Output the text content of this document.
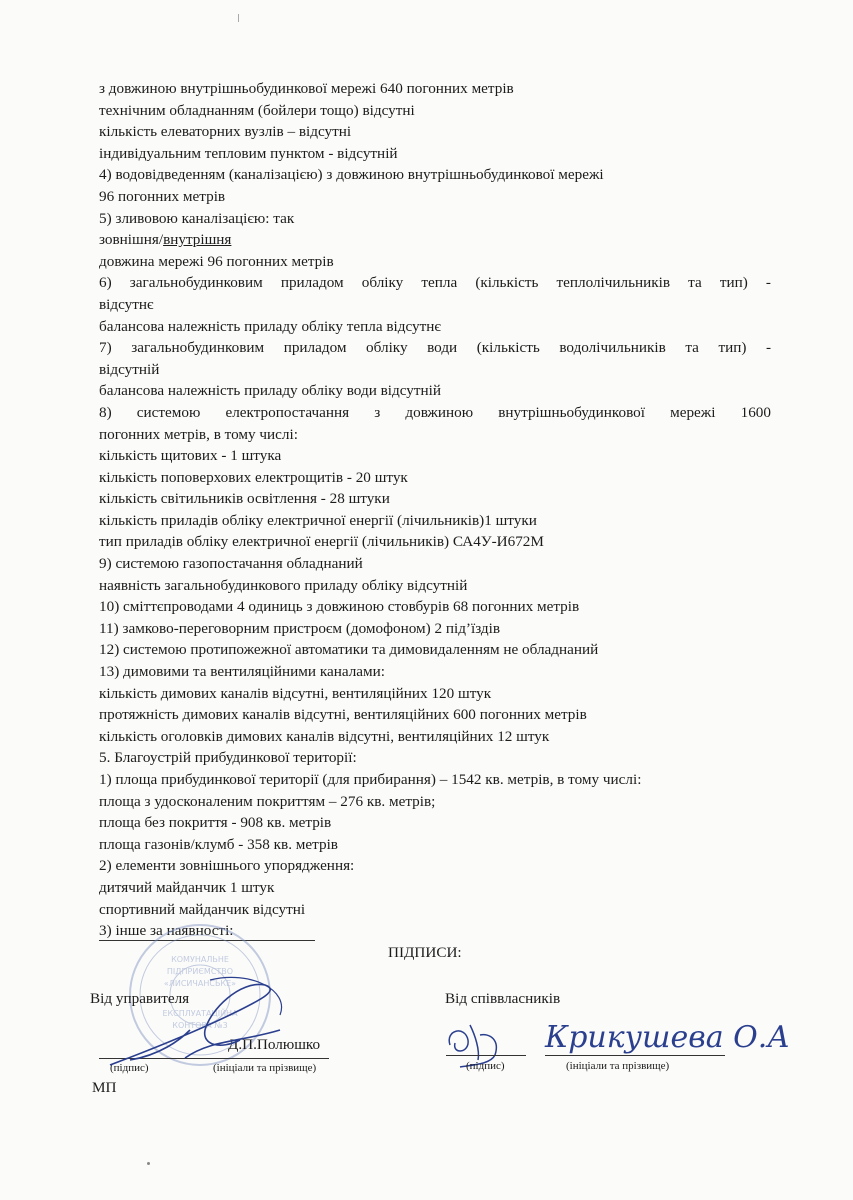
з довжиною внутрішньобудинкової мережі 640 погонних метрів
технічним обладнанням (бойлери тощо) відсутні
кількість елеваторних вузлів – відсутні
індивідуальним тепловим пунктом - відсутній
4) водовідведенням (каналізацією) з довжиною внутрішньобудинкової мережі
96 погонних метрів
5) зливовою каналізацією: так
зовнішня/внутрішня
довжина мережі 96 погонних метрів
6) загальнобудинковим приладом обліку тепла (кількість теплолічильників та тип) -
відсутнє
балансова належність приладу обліку тепла відсутнє
7) загальнобудинковим приладом обліку води (кількість водолічильників та тип) -
відсутній
балансова належність приладу обліку води відсутній
8) системою електропостачання з довжиною внутрішньобудинкової мережі 1600
погонних метрів, в тому числі:
кількість щитових - 1 штука
кількість поповерхових електрощитів - 20 штук
кількість світильників освітлення - 28 штуки
кількість приладів обліку електричної енергії (лічильників)1 штуки
тип приладів обліку електричної енергії (лічильників) СА4У-И672М
9) системою газопостачання обладнаний
наявність загальнобудинкового приладу обліку відсутній
10) сміттєпроводами 4 одиниць з довжиною стовбурів 68 погонних метрів
11) замково-переговорним пристроєм (домофоном) 2 під’їздів
12) системою протипожежної автоматики та димовидаленням не обладнаний
13) димовими та вентиляційними каналами:
кількість димових каналів відсутні, вентиляційних 120 штук
протяжність димових каналів відсутні, вентиляційних 600 погонних метрів
кількість оголовків димових каналів відсутні, вентиляційних 12 штук
5. Благоустрій прибудинкової території:
1) площа прибудинкової території (для прибирання) – 1542 кв. метрів, в тому числі:
площа з удосконаленим покриттям – 276 кв. метрів;
площа без покриття - 908 кв. метрів
площа газонів/клумб - 358 кв. метрів
2) елементи зовнішнього упорядження:
дитячий майданчик 1 штук
спортивний майданчик відсутні
3) інше за наявності:
ПІДПИСИ:
КОМУНАЛЬНЕ
ПІДПРИЄМСТВО
«ЛИСИЧАНСЬКЕ»
ЕКСПЛУАТАЦІЙНА
КОНТОРА №3
Від управителя	Від співвласників
Д.П.Полюшко
(підпис)	(ініціали та прізвище)
Крикушева О.А
(підпис)	(ініціали та прізвище)
МП
